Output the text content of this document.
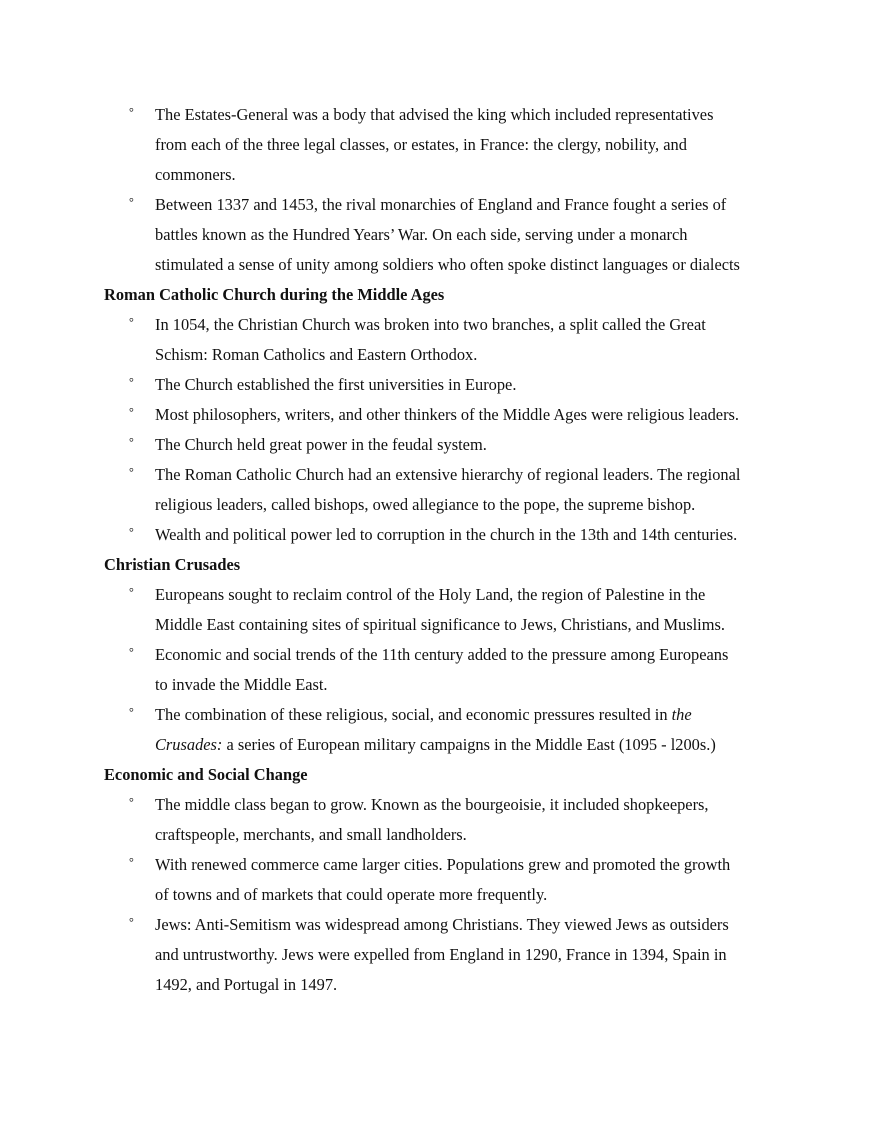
° The Estates-General was a body that advised the king which included representatives
from each of the three legal classes, or estates, in France: the clergy, nobility, and
commoners.
° Between 1337 and 1453, the rival monarchies of England and France fought a series of
battles known as the Hundred Years’ War. On each side, serving under a monarch
stimulated a sense of unity among soldiers who often spoke distinct languages or dialects
Roman Catholic Church during the Middle Ages
° In 1054, the Christian Church was broken into two branches, a split called the Great
Schism: Roman Catholics and Eastern Orthodox.
° The Church established the first universities in Europe.
° Most philosophers, writers, and other thinkers of the Middle Ages were religious leaders.
° The Church held great power in the feudal system.
° The Roman Catholic Church had an extensive hierarchy of regional leaders. The regional
religious leaders, called bishops, owed allegiance to the pope, the supreme bishop.
° Wealth and political power led to corruption in the church in the 13th and 14th centuries.
Christian Crusades
° Europeans sought to reclaim control of the Holy Land, the region of Palestine in the
Middle East containing sites of spiritual significance to Jews, Christians, and Muslims.
° Economic and social trends of the 11th century added to the pressure among Europeans
to invade the Middle East.
° The combination of these religious, social, and economic pressures resulted in the
Crusades: a series of European military campaigns in the Middle East (1095 - l200s.)
Economic and Social Change
° The middle class began to grow. Known as the bourgeoisie, it included shopkeepers,
craftspeople, merchants, and small landholders.
° With renewed commerce came larger cities. Populations grew and promoted the growth
of towns and of markets that could operate more frequently.
° Jews: Anti-Semitism was widespread among Christians. They viewed Jews as outsiders
and untrustworthy. Jews were expelled from England in 1290, France in 1394, Spain in
1492, and Portugal in 1497.
